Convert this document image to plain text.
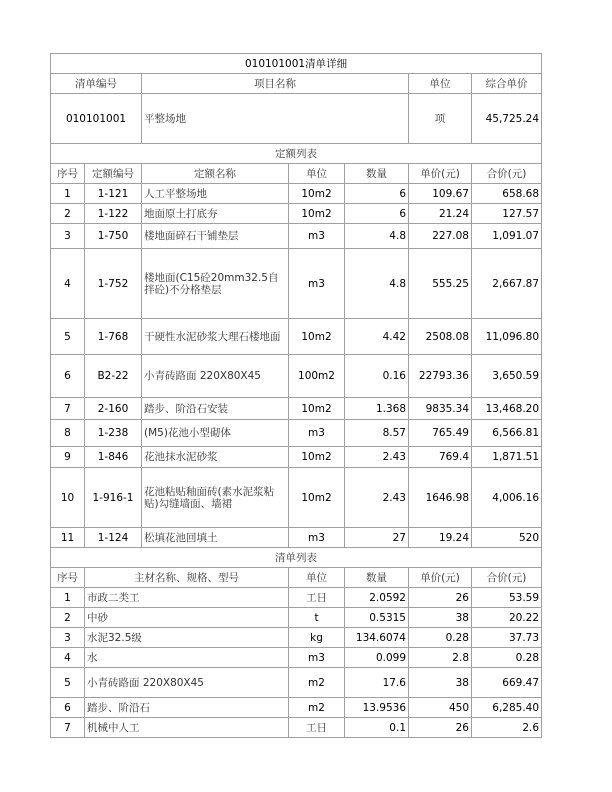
010101001清单详细						
清单编号		项目名称			单位	综合单价
010101001		平整场地			项	45,725.24
定额列表						
序号	定额编号	定额名称	单位	数量	单价(元)	合价(元)
1	1-121	人工平整场地	10m2	6	109.67	658.68
2	1-122	地面原土打底夯	10m2	6	21.24	127.57
3	1-750	楼地面碎石干铺垫层	m3	4.8	227.08	1,091.07
4	1-752	楼地面(C15砼20mm32.5自拌砼)不分格垫层	m3	4.8	555.25	2,667.87
5	1-768	干硬性水泥砂浆大理石楼地面	10m2	4.42	2508.08	11,096.80
6	B2-22	小青砖路面 220X80X45	100m2	0.16	22793.36	3,650.59
7	2-160	踏步、阶沿石安装	10m2	1.368	9835.34	13,468.20
8	1-238	(M5)花池小型砌体	m3	8.57	765.49	6,566.81
9	1-846	花池抹水泥砂浆	10m2	2.43	769.4	1,871.51
10	1-916-1	花池粘贴釉面砖(素水泥浆粘贴)勾缝墙面、墙裙	10m2	2.43	1646.98	4,006.16
11	1-124	松填花池回填土	m3	27	19.24	520
清单列表						
序号	主材名称、规格、型号		单位	数量	单价(元)	合价(元)
1	市政二类工		工日	2.0592	26	53.59
2	中砂		t	0.5315	38	20.22
3	水泥32.5级		kg	134.6074	0.28	37.73
4	水		m3	0.099	2.8	0.28
5	小青砖路面 220X80X45		m2	17.6	38	669.47
6	踏步、阶沿石		m2	13.9536	450	6,285.40
7	机械中人工		工日	0.1	26	2.6
